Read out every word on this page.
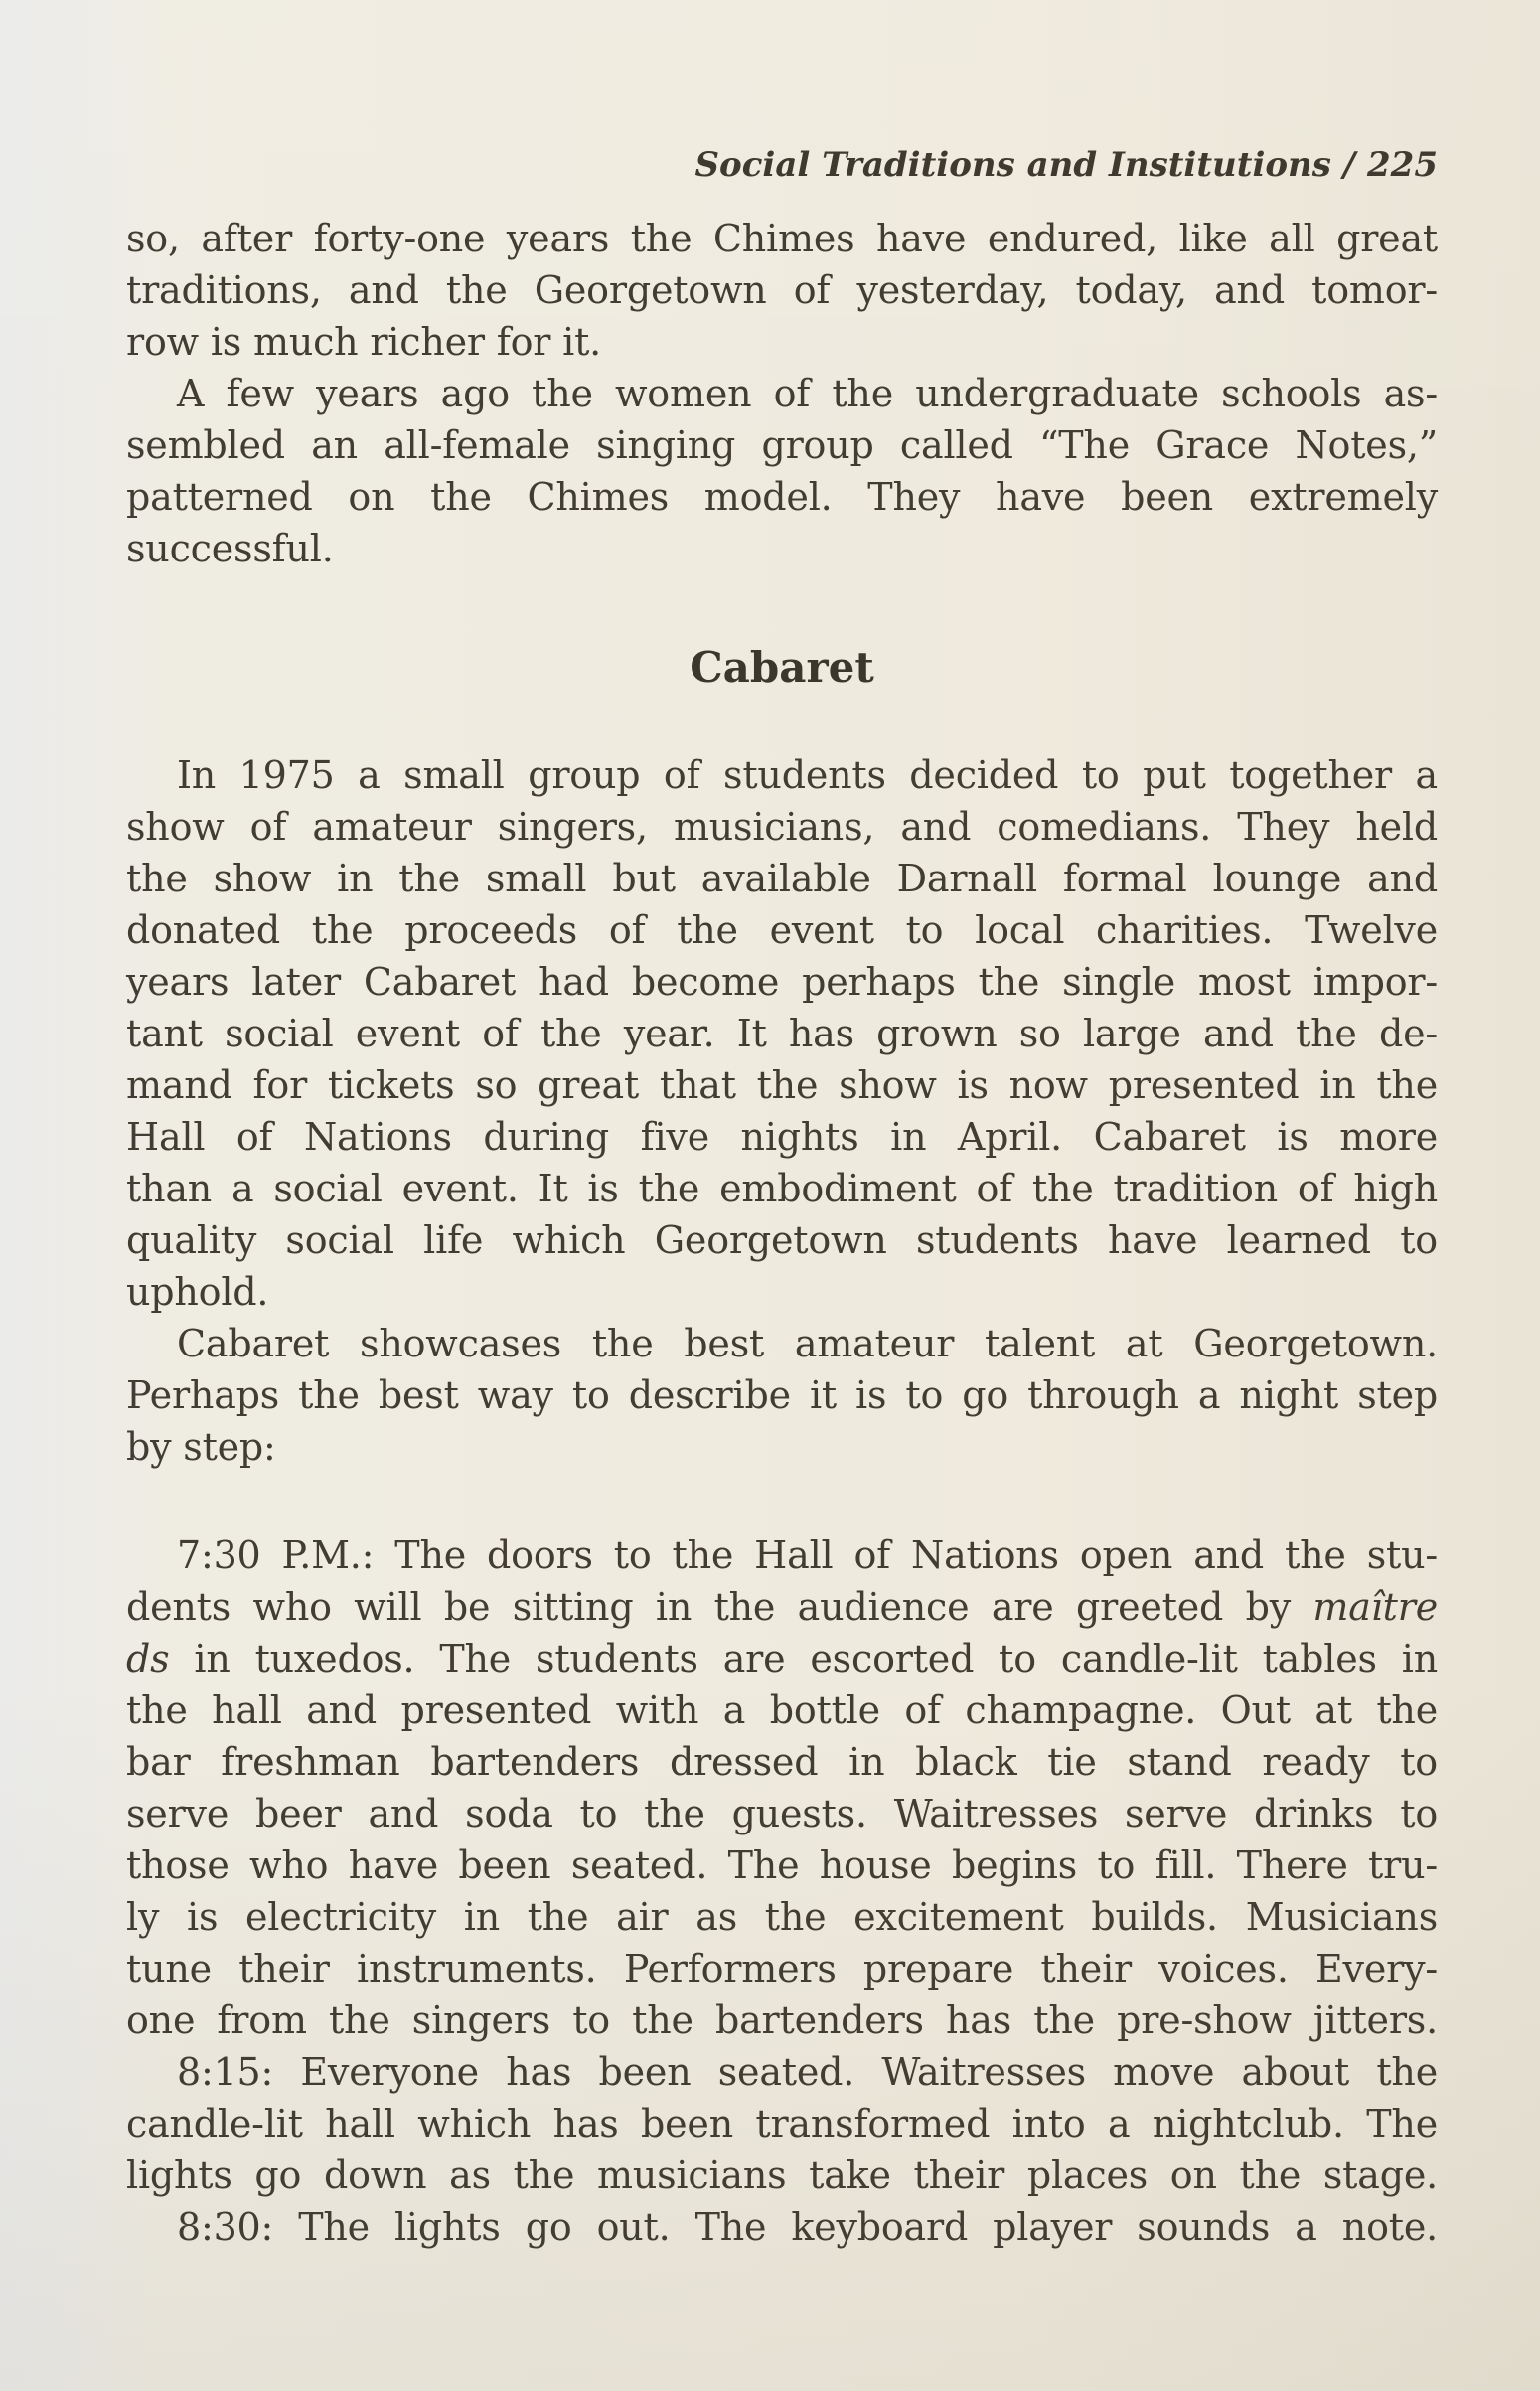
Social Traditions and Institutions / 225
so, after forty-one years the Chimes have endured, like all great
traditions, and the Georgetown of yesterday, today, and tomor-
row is much richer for it.
A few years ago the women of the undergraduate schools as-
sembled an all-female singing group called “The Grace Notes,”
patterned on the Chimes model. They have been extremely
successful.
Cabaret
In 1975 a small group of students decided to put together a
show of amateur singers, musicians, and comedians. They held
the show in the small but available Darnall formal lounge and
donated the proceeds of the event to local charities. Twelve
years later Cabaret had become perhaps the single most impor-
tant social event of the year. It has grown so large and the de-
mand for tickets so great that the show is now presented in the
Hall of Nations during five nights in April. Cabaret is more
than a social event. It is the embodiment of the tradition of high
quality social life which Georgetown students have learned to
uphold.
Cabaret showcases the best amateur talent at Georgetown.
Perhaps the best way to describe it is to go through a night step
by step:
7:30 P.M.: The doors to the Hall of Nations open and the stu-
dents who will be sitting in the audience are greeted by maître
ds in tuxedos. The students are escorted to candle-lit tables in
the hall and presented with a bottle of champagne. Out at the
bar freshman bartenders dressed in black tie stand ready to
serve beer and soda to the guests. Waitresses serve drinks to
those who have been seated. The house begins to fill. There tru-
ly is electricity in the air as the excitement builds. Musicians
tune their instruments. Performers prepare their voices. Every-
one from the singers to the bartenders has the pre-show jitters.
8:15: Everyone has been seated. Waitresses move about the
candle-lit hall which has been transformed into a nightclub. The
lights go down as the musicians take their places on the stage.
8:30: The lights go out. The keyboard player sounds a note.
